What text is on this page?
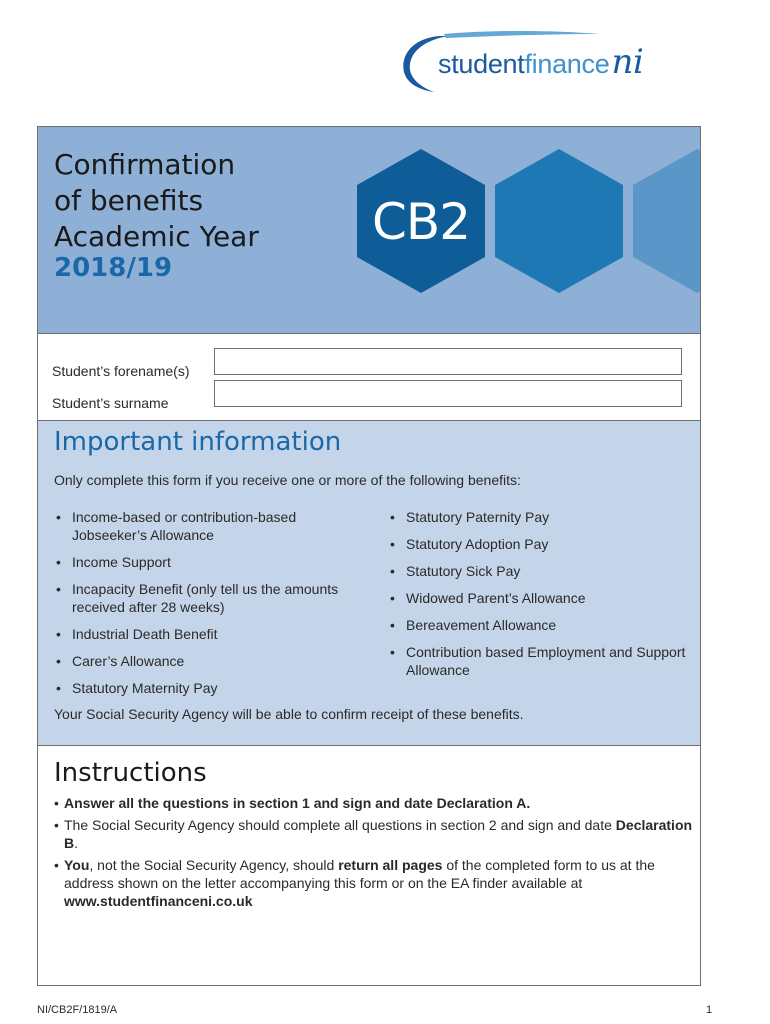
studentfinanceni
Confirmation
of benefits
Academic Year
2018/19
CB2
Student’s forename(s)
Student’s surname
Important information
Only complete this form if you receive one or more of the following benefits:
• Income-based or contribution-based Jobseeker’s Allowance
• Income Support
• Incapacity Benefit (only tell us the amounts received after 28 weeks)
• Industrial Death Benefit
• Carer’s Allowance
• Statutory Maternity Pay
• Statutory Paternity Pay
• Statutory Adoption Pay
• Statutory Sick Pay
• Widowed Parent’s Allowance
• Bereavement Allowance
• Contribution based Employment and Support Allowance
Your Social Security Agency will be able to confirm receipt of these benefits.
Instructions
• Answer all the questions in section 1 and sign and date Declaration A.
• The Social Security Agency should complete all questions in section 2 and sign and date Declaration B.
• You, not the Social Security Agency, should return all pages of the completed form to us at the address shown on the letter accompanying this form or on the EA finder available at www.studentfinanceni.co.uk
NI/CB2F/1819/A	1
